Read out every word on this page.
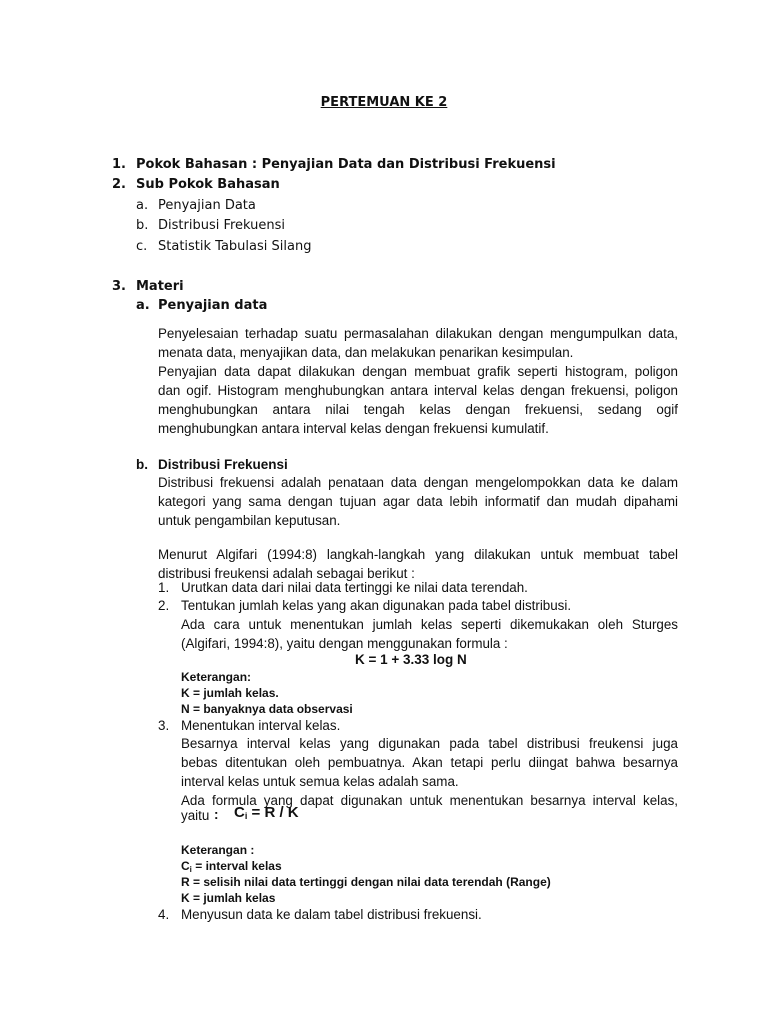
PERTEMUAN KE 2
1. Pokok Bahasan : Penyajian Data dan Distribusi Frekuensi
2. Sub Pokok Bahasan
a. Penyajian Data
b. Distribusi Frekuensi
c. Statistik Tabulasi Silang
3. Materi
a. Penyajian data
Penyelesaian terhadap suatu permasalahan dilakukan dengan mengumpulkan data,
menata data, menyajikan data, dan melakukan penarikan kesimpulan.
Penyajian data dapat dilakukan dengan membuat grafik seperti histogram, poligon
dan ogif. Histogram menghubungkan antara interval kelas dengan frekuensi, poligon
menghubungkan antara nilai tengah kelas dengan frekuensi, sedang ogif
menghubungkan antara interval kelas dengan frekuensi kumulatif.
b. Distribusi Frekuensi
Distribusi frekuensi adalah penataan data dengan mengelompokkan data ke dalam
kategori yang sama dengan tujuan agar data lebih informatif dan mudah dipahami
untuk pengambilan keputusan.
Menurut Algifari (1994:8) langkah-langkah yang dilakukan untuk membuat tabel
distribusi freukensi adalah sebagai berikut :
1. Urutkan data dari nilai data tertinggi ke nilai data terendah.
2. Tentukan jumlah kelas yang akan digunakan pada tabel distribusi.
Ada cara untuk menentukan jumlah kelas seperti dikemukakan oleh Sturges
(Algifari, 1994:8), yaitu dengan menggunakan formula :
K = 1 + 3.33 log N
Keterangan:
K = jumlah kelas.
N = banyaknya data observasi
3. Menentukan interval kelas.
Besarnya interval kelas yang digunakan pada tabel distribusi freukensi juga
bebas ditentukan oleh pembuatnya. Akan tetapi perlu diingat bahwa besarnya
interval kelas untuk semua kelas adalah sama.
Ada formula yang dapat digunakan untuk menentukan besarnya interval kelas,
yaitu : $C_i = R / K$
Keterangan :
$C_i$ = interval kelas
R = selisih nilai data tertinggi dengan nilai data terendah (Range)
K = jumlah kelas
4. Menyusun data ke dalam tabel distribusi frekuensi.
